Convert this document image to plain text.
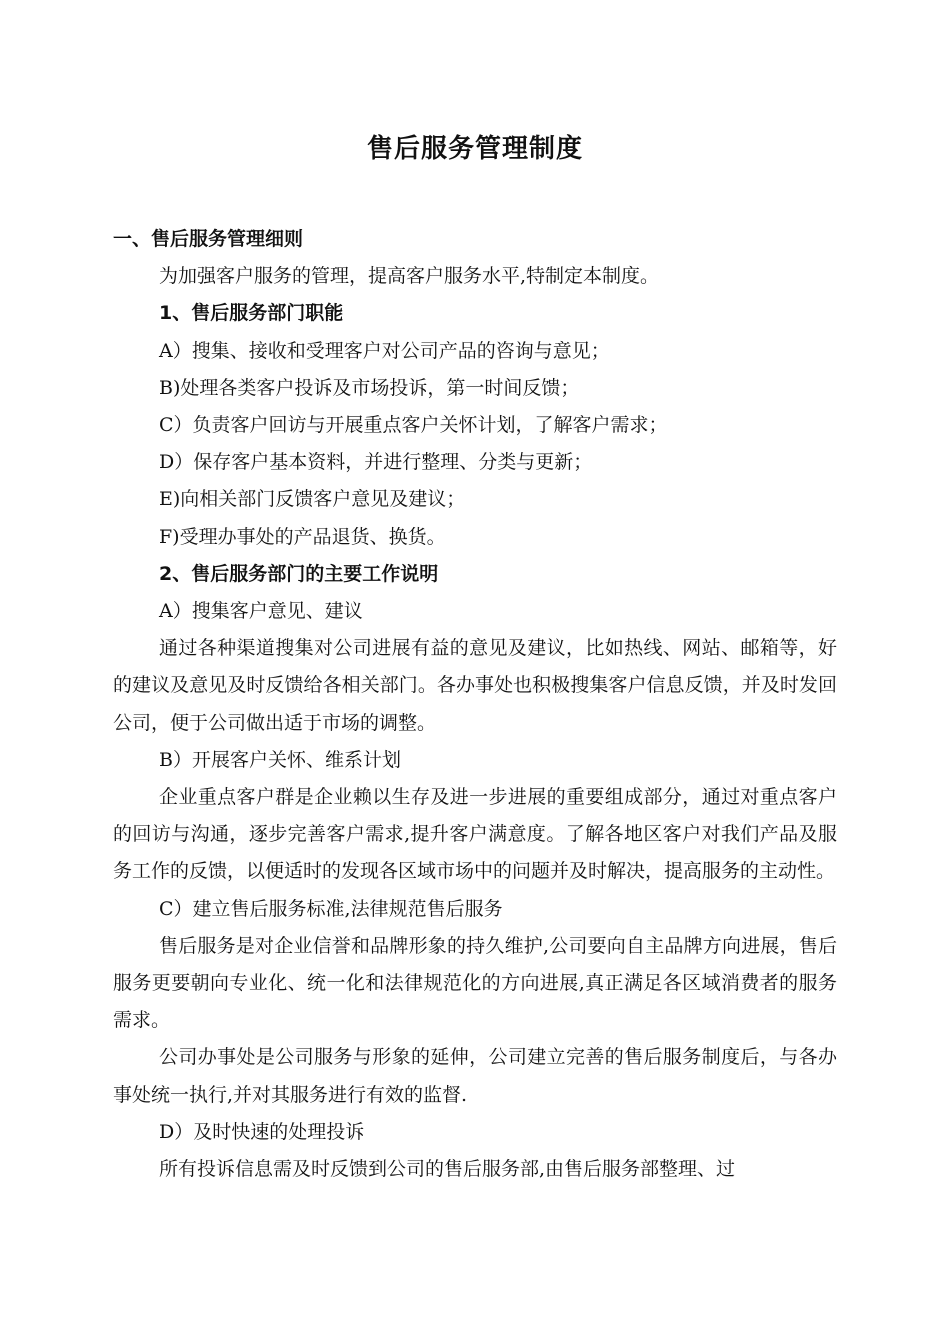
售后服务管理制度

一、售后服务管理细则

为加强客户服务的管理，提高客户服务水平,特制定本制度。

1、售后服务部门职能

A）搜集、接收和受理客户对公司产品的咨询与意见；

B)处理各类客户投诉及市场投诉，第一时间反馈；

C）负责客户回访与开展重点客户关怀计划，了解客户需求；

D）保存客户基本资料，并进行整理、分类与更新；

E)向相关部门反馈客户意见及建议；

F)受理办事处的产品退货、换货。

2、售后服务部门的主要工作说明

A）搜集客户意见、建议

通过各种渠道搜集对公司进展有益的意见及建议，比如热线、网站、邮箱等，好的建议及意见及时反馈给各相关部门。各办事处也积极搜集客户信息反馈，并及时发回公司，便于公司做出适于市场的调整。

B）开展客户关怀、维系计划

企业重点客户群是企业赖以生存及进一步进展的重要组成部分，通过对重点客户的回访与沟通，逐步完善客户需求,提升客户满意度。了解各地区客户对我们产品及服务工作的反馈，以便适时的发现各区域市场中的问题并及时解决，提高服务的主动性。

C）建立售后服务标准,法律规范售后服务

售后服务是对企业信誉和品牌形象的持久维护,公司要向自主品牌方向进展，售后服务更要朝向专业化、统一化和法律规范化的方向进展,真正满足各区域消费者的服务需求。

公司办事处是公司服务与形象的延伸，公司建立完善的售后服务制度后，与各办事处统一执行,并对其服务进行有效的监督.

D）及时快速的处理投诉

所有投诉信息需及时反馈到公司的售后服务部,由售后服务部整理、过
